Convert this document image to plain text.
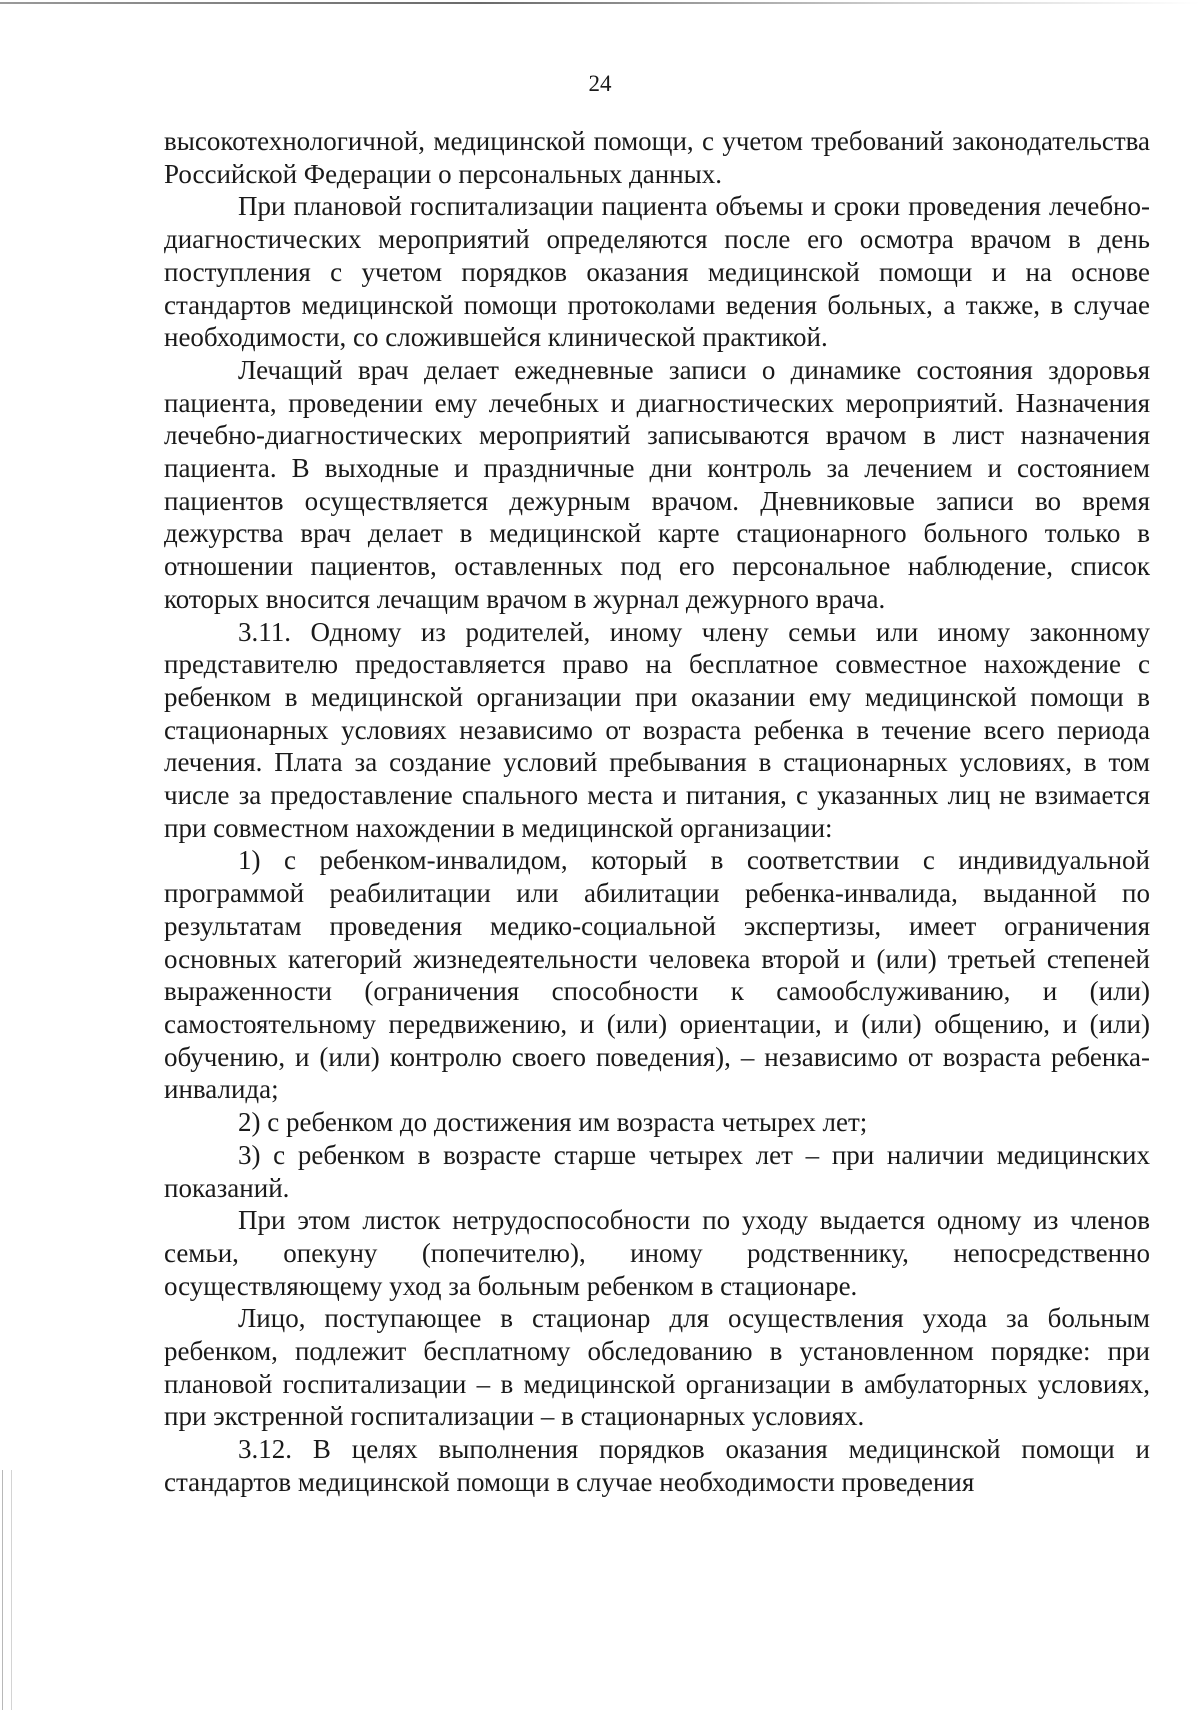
24

высокотехнологичной, медицинской помощи, с учетом требований законодательства Российской Федерации о персональных данных.

При плановой госпитализации пациента объемы и сроки проведения лечебно-диагностических мероприятий определяются после его осмотра врачом в день поступления с учетом порядков оказания медицинской помощи и на основе стандартов медицинской помощи протоколами ведения больных, а также, в случае необходимости, со сложившейся клинической практикой.

Лечащий врач делает ежедневные записи о динамике состояния здоровья пациента, проведении ему лечебных и диагностических мероприятий. Назначения лечебно-диагностических мероприятий записываются врачом в лист назначения пациента. В выходные и праздничные дни контроль за лечением и состоянием пациентов осуществляется дежурным врачом. Дневниковые записи во время дежурства врач делает в медицинской карте стационарного больного только в отношении пациентов, оставленных под его персональное наблюдение, список которых вносится лечащим врачом в журнал дежурного врача.

3.11. Одному из родителей, иному члену семьи или иному законному представителю предоставляется право на бесплатное совместное нахождение с ребенком в медицинской организации при оказании ему медицинской помощи в стационарных условиях независимо от возраста ребенка в течение всего периода лечения. Плата за создание условий пребывания в стационарных условиях, в том числе за предоставление спального места и питания, с указанных лиц не взимается при совместном нахождении в медицинской организации:

1) с ребенком-инвалидом, который в соответствии с индивидуальной программой реабилитации или абилитации ребенка-инвалида, выданной по результатам проведения медико-социальной экспертизы, имеет ограничения основных категорий жизнедеятельности человека второй и (или) третьей степеней выраженности (ограничения способности к самообслуживанию, и (или) самостоятельному передвижению, и (или) ориентации, и (или) общению, и (или) обучению, и (или) контролю своего поведения), – независимо от возраста ребенка-инвалида;

2) с ребенком до достижения им возраста четырех лет;

3) с ребенком в возрасте старше четырех лет – при наличии медицинских показаний.

При этом листок нетрудоспособности по уходу выдается одному из членов семьи, опекуну (попечителю), иному родственнику, непосредственно осуществляющему уход за больным ребенком в стационаре.

Лицо, поступающее в стационар для осуществления ухода за больным ребенком, подлежит бесплатному обследованию в установленном порядке: при плановой госпитализации – в медицинской организации в амбулаторных условиях, при экстренной госпитализации – в стационарных условиях.

3.12. В целях выполнения порядков оказания медицинской помощи и стандартов медицинской помощи в случае необходимости проведения
